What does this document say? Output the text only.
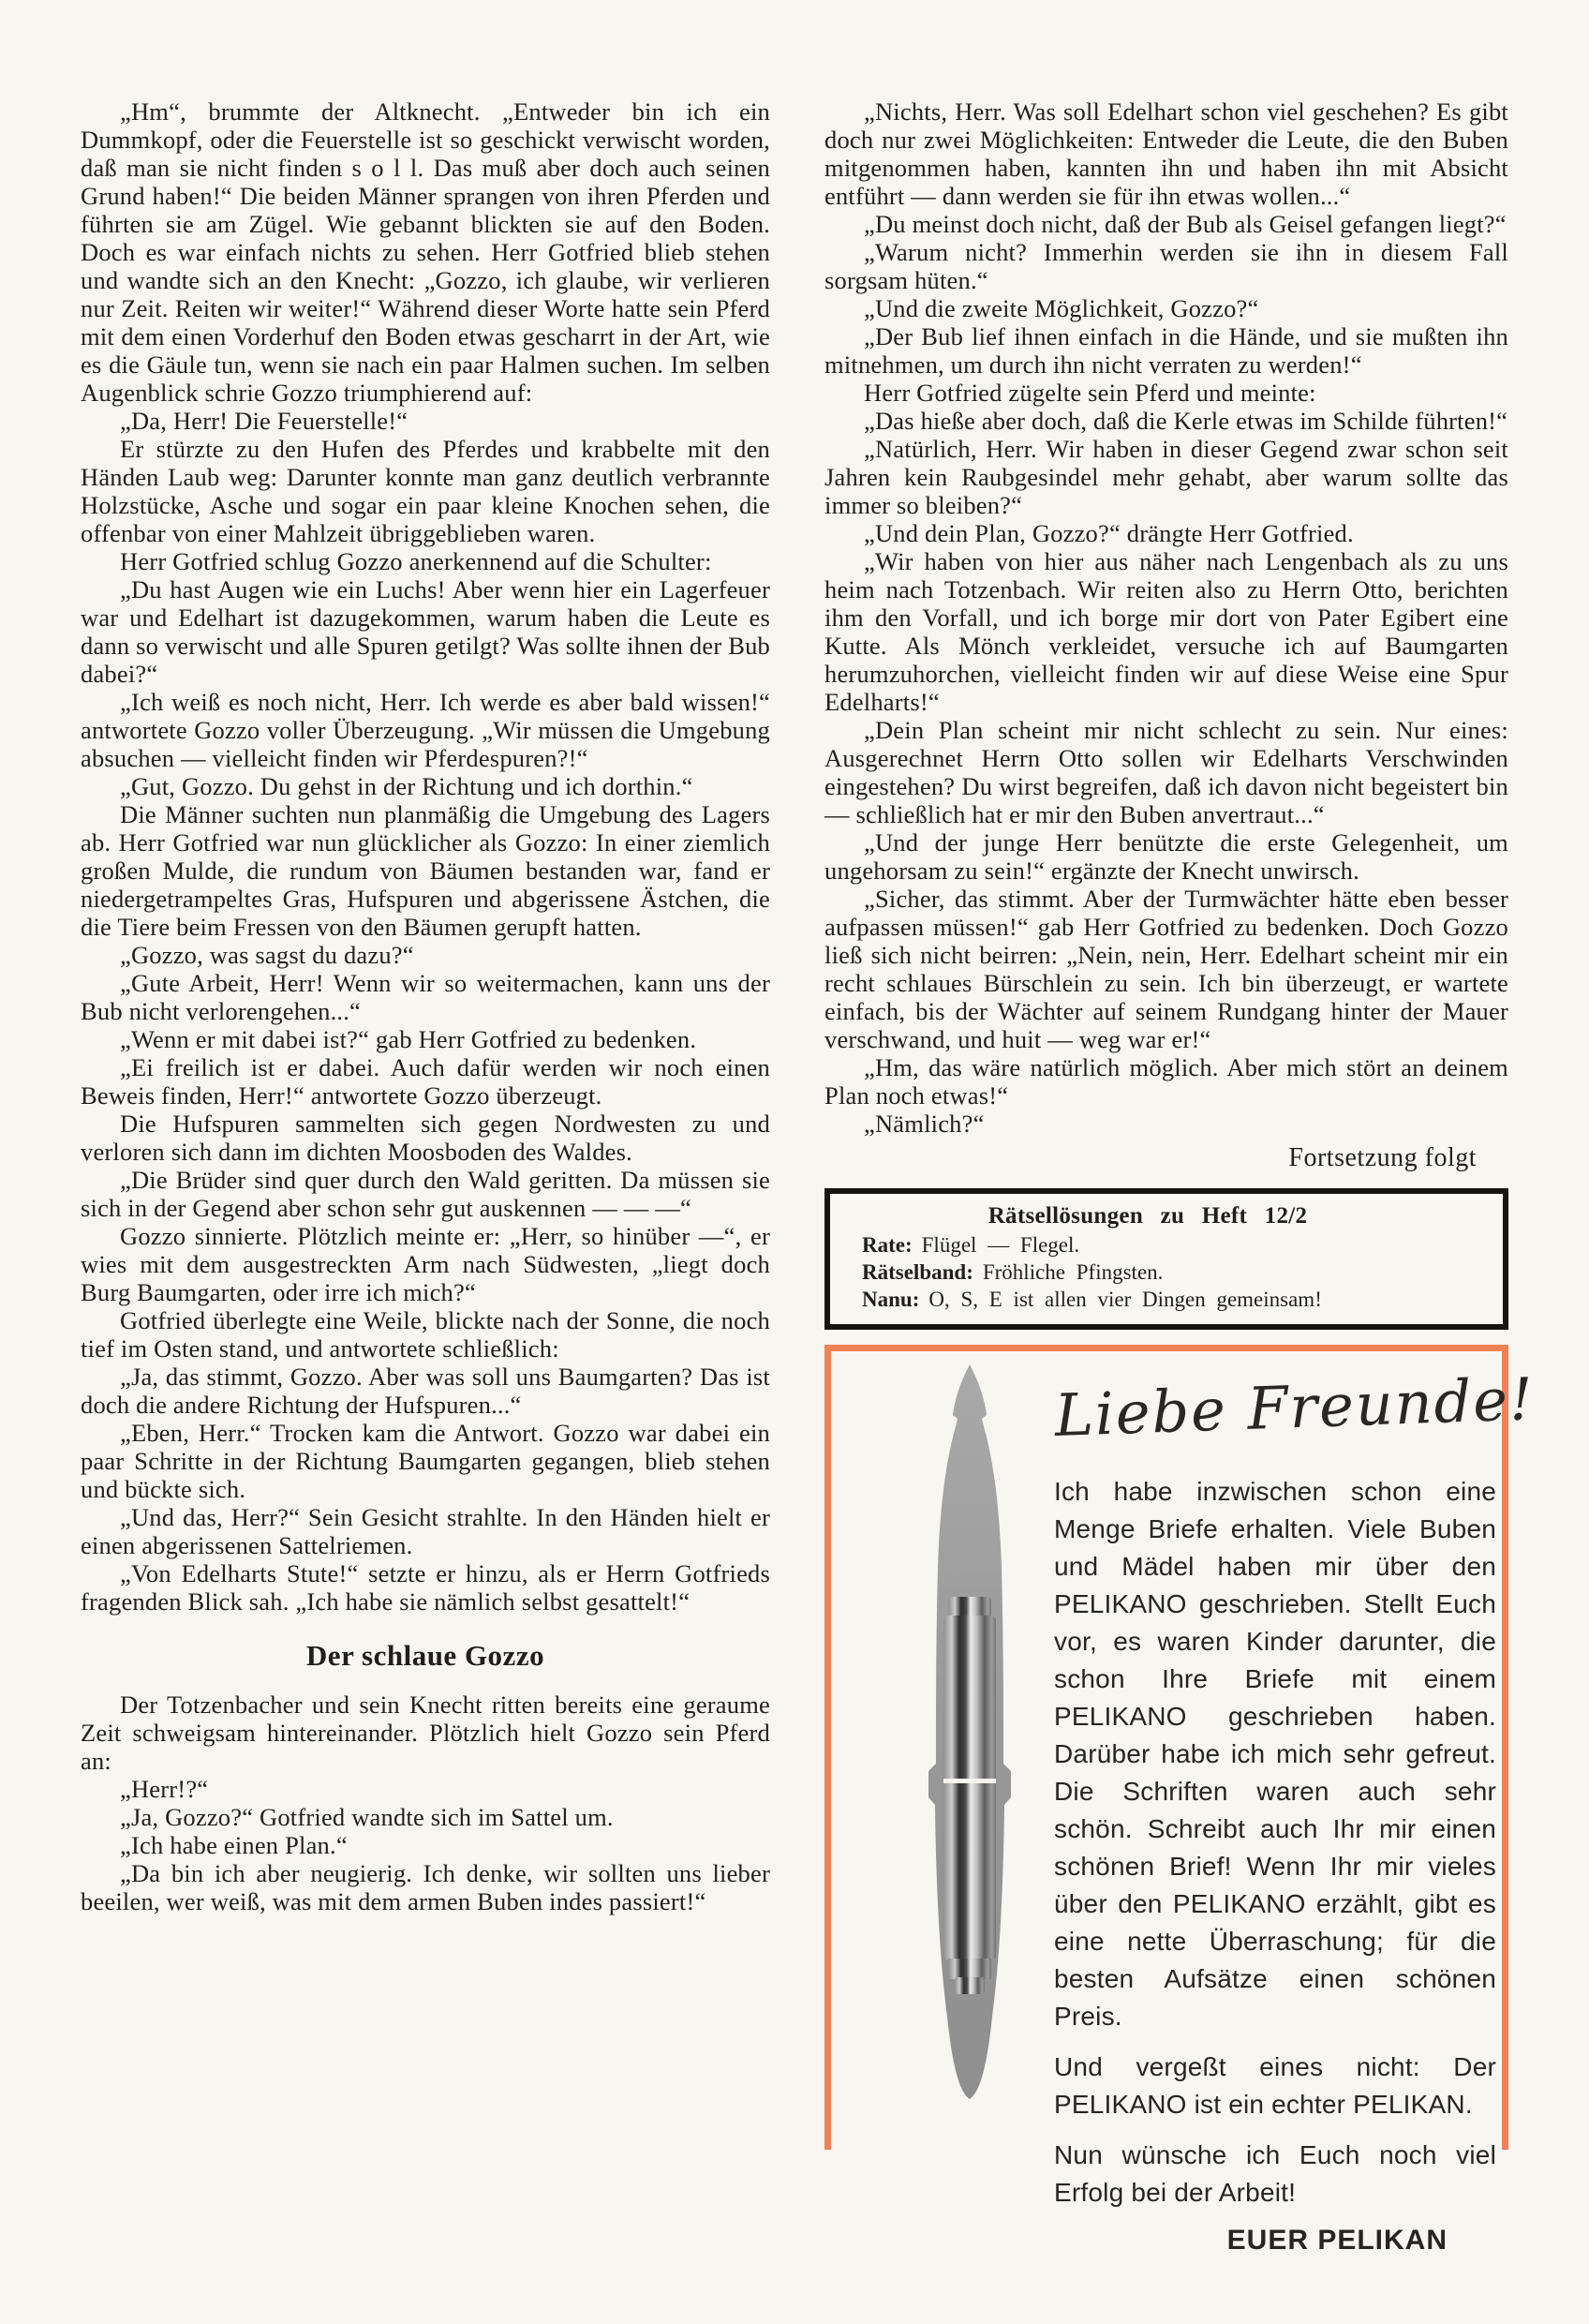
„Hm“, brummte der Altknecht. „Entweder bin ich ein Dummkopf, oder die Feuerstelle ist so geschickt verwischt worden, daß man sie nicht finden s o l l. Das muß aber doch auch seinen Grund haben!“ Die beiden Männer sprangen von ihren Pferden und führten sie am Zügel. Wie gebannt blickten sie auf den Boden. Doch es war einfach nichts zu sehen. Herr Gotfried blieb stehen und wandte sich an den Knecht: „Gozzo, ich glaube, wir verlieren nur Zeit. Reiten wir weiter!“ Während dieser Worte hatte sein Pferd mit dem einen Vorderhuf den Boden etwas gescharrt in der Art, wie es die Gäule tun, wenn sie nach ein paar Halmen suchen. Im selben Augenblick schrie Gozzo triumphierend auf:

„Da, Herr! Die Feuerstelle!“

Er stürzte zu den Hufen des Pferdes und krabbelte mit den Händen Laub weg: Darunter konnte man ganz deutlich verbrannte Holzstücke, Asche und sogar ein paar kleine Knochen sehen, die offenbar von einer Mahlzeit übriggeblieben waren.

Herr Gotfried schlug Gozzo anerkennend auf die Schulter:

„Du hast Augen wie ein Luchs! Aber wenn hier ein Lagerfeuer war und Edelhart ist dazugekommen, warum haben die Leute es dann so verwischt und alle Spuren getilgt? Was sollte ihnen der Bub dabei?“

„Ich weiß es noch nicht, Herr. Ich werde es aber bald wissen!“ antwortete Gozzo voller Überzeugung. „Wir müssen die Umgebung absuchen — vielleicht finden wir Pferdespuren?!“

„Gut, Gozzo. Du gehst in der Richtung und ich dorthin.“

Die Männer suchten nun planmäßig die Umgebung des Lagers ab. Herr Gotfried war nun glücklicher als Gozzo: In einer ziemlich großen Mulde, die rundum von Bäumen bestanden war, fand er niedergetrampeltes Gras, Hufspuren und abgerissene Ästchen, die die Tiere beim Fressen von den Bäumen gerupft hatten.

„Gozzo, was sagst du dazu?“

„Gute Arbeit, Herr! Wenn wir so weitermachen, kann uns der Bub nicht verlorengehen...“

„Wenn er mit dabei ist?“ gab Herr Gotfried zu bedenken.

„Ei freilich ist er dabei. Auch dafür werden wir noch einen Beweis finden, Herr!“ antwortete Gozzo überzeugt.

Die Hufspuren sammelten sich gegen Nordwesten zu und verloren sich dann im dichten Moosboden des Waldes.

„Die Brüder sind quer durch den Wald geritten. Da müssen sie sich in der Gegend aber schon sehr gut auskennen — — —“

Gozzo sinnierte. Plötzlich meinte er: „Herr, so hinüber —“, er wies mit dem ausgestreckten Arm nach Südwesten, „liegt doch Burg Baumgarten, oder irre ich mich?“

Gotfried überlegte eine Weile, blickte nach der Sonne, die noch tief im Osten stand, und antwortete schließlich:

„Ja, das stimmt, Gozzo. Aber was soll uns Baumgarten? Das ist doch die andere Richtung der Hufspuren...“

„Eben, Herr.“ Trocken kam die Antwort. Gozzo war dabei ein paar Schritte in der Richtung Baumgarten gegangen, blieb stehen und bückte sich.

„Und das, Herr?“ Sein Gesicht strahlte. In den Händen hielt er einen abgerissenen Sattelriemen.

„Von Edelharts Stute!“ setzte er hinzu, als er Herrn Gotfrieds fragenden Blick sah. „Ich habe sie nämlich selbst gesattelt!“

Der schlaue Gozzo

Der Totzenbacher und sein Knecht ritten bereits eine geraume Zeit schweigsam hintereinander. Plötzlich hielt Gozzo sein Pferd an:

„Herr!?“

„Ja, Gozzo?“ Gotfried wandte sich im Sattel um.

„Ich habe einen Plan.“

„Da bin ich aber neugierig. Ich denke, wir sollten uns lieber beeilen, wer weiß, was mit dem armen Buben indes passiert!“

„Nichts, Herr. Was soll Edelhart schon viel geschehen? Es gibt doch nur zwei Möglichkeiten: Entweder die Leute, die den Buben mitgenommen haben, kannten ihn und haben ihn mit Absicht entführt — dann werden sie für ihn etwas wollen...“

„Du meinst doch nicht, daß der Bub als Geisel gefangen liegt?“

„Warum nicht? Immerhin werden sie ihn in diesem Fall sorgsam hüten.“

„Und die zweite Möglichkeit, Gozzo?“

„Der Bub lief ihnen einfach in die Hände, und sie mußten ihn mitnehmen, um durch ihn nicht verraten zu werden!“

Herr Gotfried zügelte sein Pferd und meinte:

„Das hieße aber doch, daß die Kerle etwas im Schilde führten!“

„Natürlich, Herr. Wir haben in dieser Gegend zwar schon seit Jahren kein Raubgesindel mehr gehabt, aber warum sollte das immer so bleiben?“

„Und dein Plan, Gozzo?“ drängte Herr Gotfried.

„Wir haben von hier aus näher nach Lengenbach als zu uns heim nach Totzenbach. Wir reiten also zu Herrn Otto, berichten ihm den Vorfall, und ich borge mir dort von Pater Egibert eine Kutte. Als Mönch verkleidet, versuche ich auf Baumgarten herumzuhorchen, vielleicht finden wir auf diese Weise eine Spur Edelharts!“

„Dein Plan scheint mir nicht schlecht zu sein. Nur eines: Ausgerechnet Herrn Otto sollen wir Edelharts Verschwinden eingestehen? Du wirst begreifen, daß ich davon nicht begeistert bin — schließlich hat er mir den Buben anvertraut...“

„Und der junge Herr benützte die erste Gelegenheit, um ungehorsam zu sein!“ ergänzte der Knecht unwirsch.

„Sicher, das stimmt. Aber der Turmwächter hätte eben besser aufpassen müssen!“ gab Herr Gotfried zu bedenken. Doch Gozzo ließ sich nicht beirren: „Nein, nein, Herr. Edelhart scheint mir ein recht schlaues Bürschlein zu sein. Ich bin überzeugt, er wartete einfach, bis der Wächter auf seinem Rundgang hinter der Mauer verschwand, und huit — weg war er!“

„Hm, das wäre natürlich möglich. Aber mich stört an deinem Plan noch etwas!“

„Nämlich?“

Fortsetzung folgt

Rätsellösungen zu Heft 12/2
Rate: Flügel — Flegel.
Rätselband: Fröhliche Pfingsten.
Nanu: O, S, E ist allen vier Dingen gemeinsam!
Liebe Freunde!

Ich habe inzwischen schon eine Menge Briefe erhalten. Viele Buben und Mädel haben mir über den PELIKANO geschrieben. Stellt Euch vor, es waren Kinder darunter, die schon Ihre Briefe mit einem PELIKANO geschrieben haben. Darüber habe ich mich sehr gefreut. Die Schriften waren auch sehr schön. Schreibt auch Ihr mir einen schönen Brief! Wenn Ihr mir vieles über den PELIKANO erzählt, gibt es eine nette Überraschung; für die besten Aufsätze einen schönen Preis.

Und vergeßt eines nicht: Der PELIKANO ist ein echter PELIKAN.

Nun wünsche ich Euch noch viel Erfolg bei der Arbeit!

EUER PELIKAN
